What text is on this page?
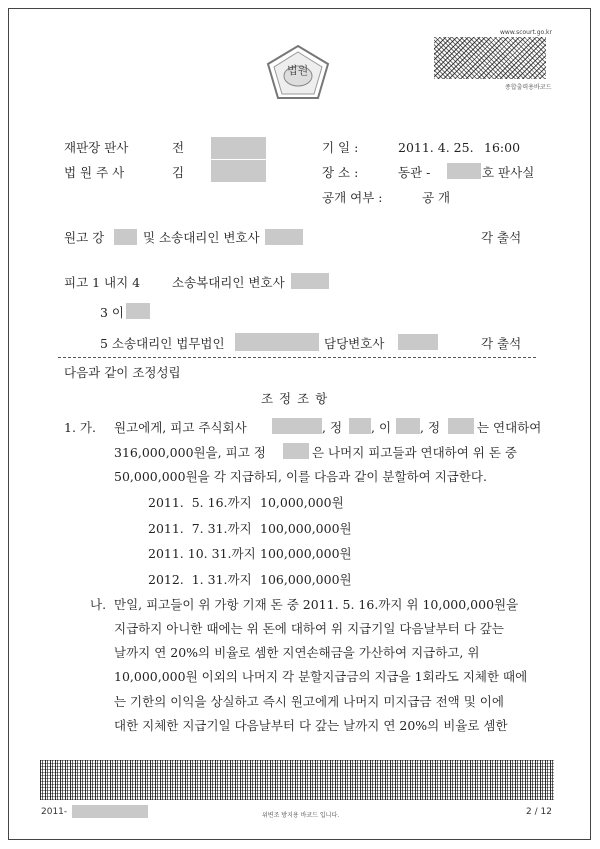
법원
www.scourt.go.kr
종합출력용바코드
재판장 판사	전
법 원 주 사	김
기 일 :	2011. 4. 25. 16:00
장 소 :	동관 -	호 판사실
공개 여부 :	공 개
원고 강	및 소송대리인 변호사	각 출석
피고 1 내지 4	소송복대리인 변호사
3 이
5 소송대리인 법무법인	담당변호사	각 출석
다음과 같이 조정성립
조 정 조 항
1. 가. 원고에게, 피고 주식회사	, 정 , 이 , 정	는 연대하여
316,000,000원을, 피고 정	은 나머지 피고들과 연대하여 위 돈 중
50,000,000원을 각 지급하되, 이를 다음과 같이 분할하여 지급한다.
2011.  5. 16.까지 10,000,000원
2011.  7. 31.까지 100,000,000원
2011. 10. 31.까지 100,000,000원
2012.  1. 31.까지 106,000,000원
나. 만일, 피고들이 위 가항 기재 돈 중 2011. 5. 16.까지 위 10,000,000원을
지급하지 아니한 때에는 위 돈에 대하여 위 지급기일 다음날부터 다 갚는
날까지 연 20%의 비율로 셈한 지연손해금을 가산하여 지급하고, 위
10,000,000원 이외의 나머지 각 분할지급금의 지급을 1회라도 지체한 때에
는 기한의 이익을 상실하고 즉시 원고에게 나머지 미지급금 전액 및 이에
대한 지체한 지급기일 다음날부터 다 갚는 날까지 연 20%의 비율로 셈한
2011-	위변조 방지용 바코드 입니다.	2 / 12
